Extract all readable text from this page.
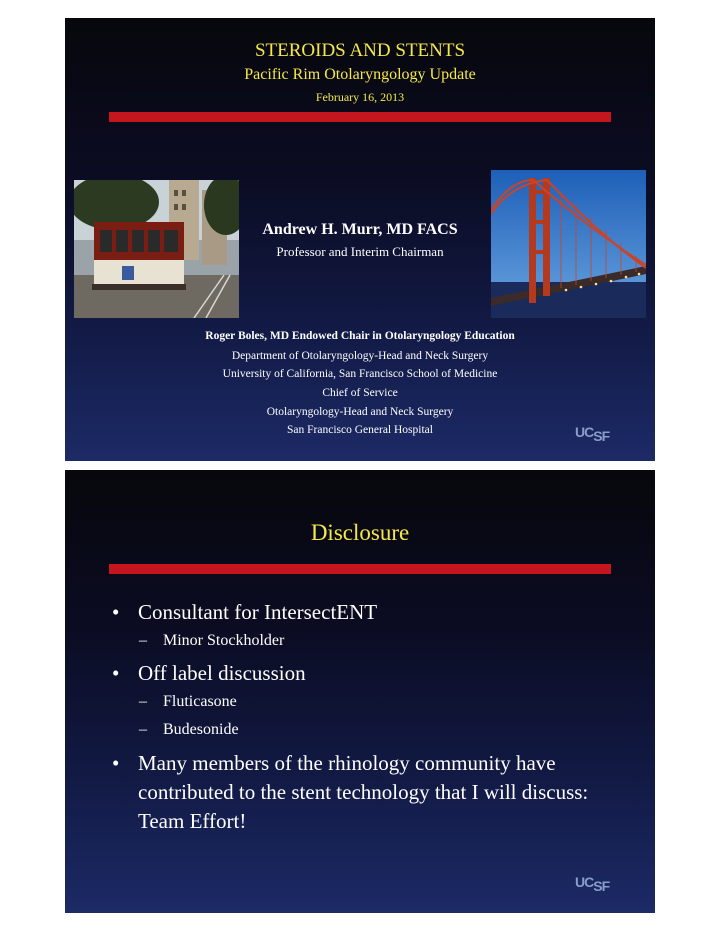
STEROIDS AND STENTS
Pacific Rim Otolaryngology Update
February 16, 2013
Andrew H. Murr, MD FACS
Professor and Interim Chairman
Roger Boles, MD Endowed Chair in Otolaryngology Education
Department of Otolaryngology-Head and Neck Surgery
University of California, San Francisco School of Medicine
Chief of Service
Otolaryngology-Head and Neck Surgery
San Francisco General Hospital	UCSF
Disclosure
• Consultant for IntersectENT
– Minor Stockholder
• Off label discussion
– Fluticasone
– Budesonide
• Many members of the rhinology community have contributed to the stent technology that I will discuss: Team Effort!
UCSF
